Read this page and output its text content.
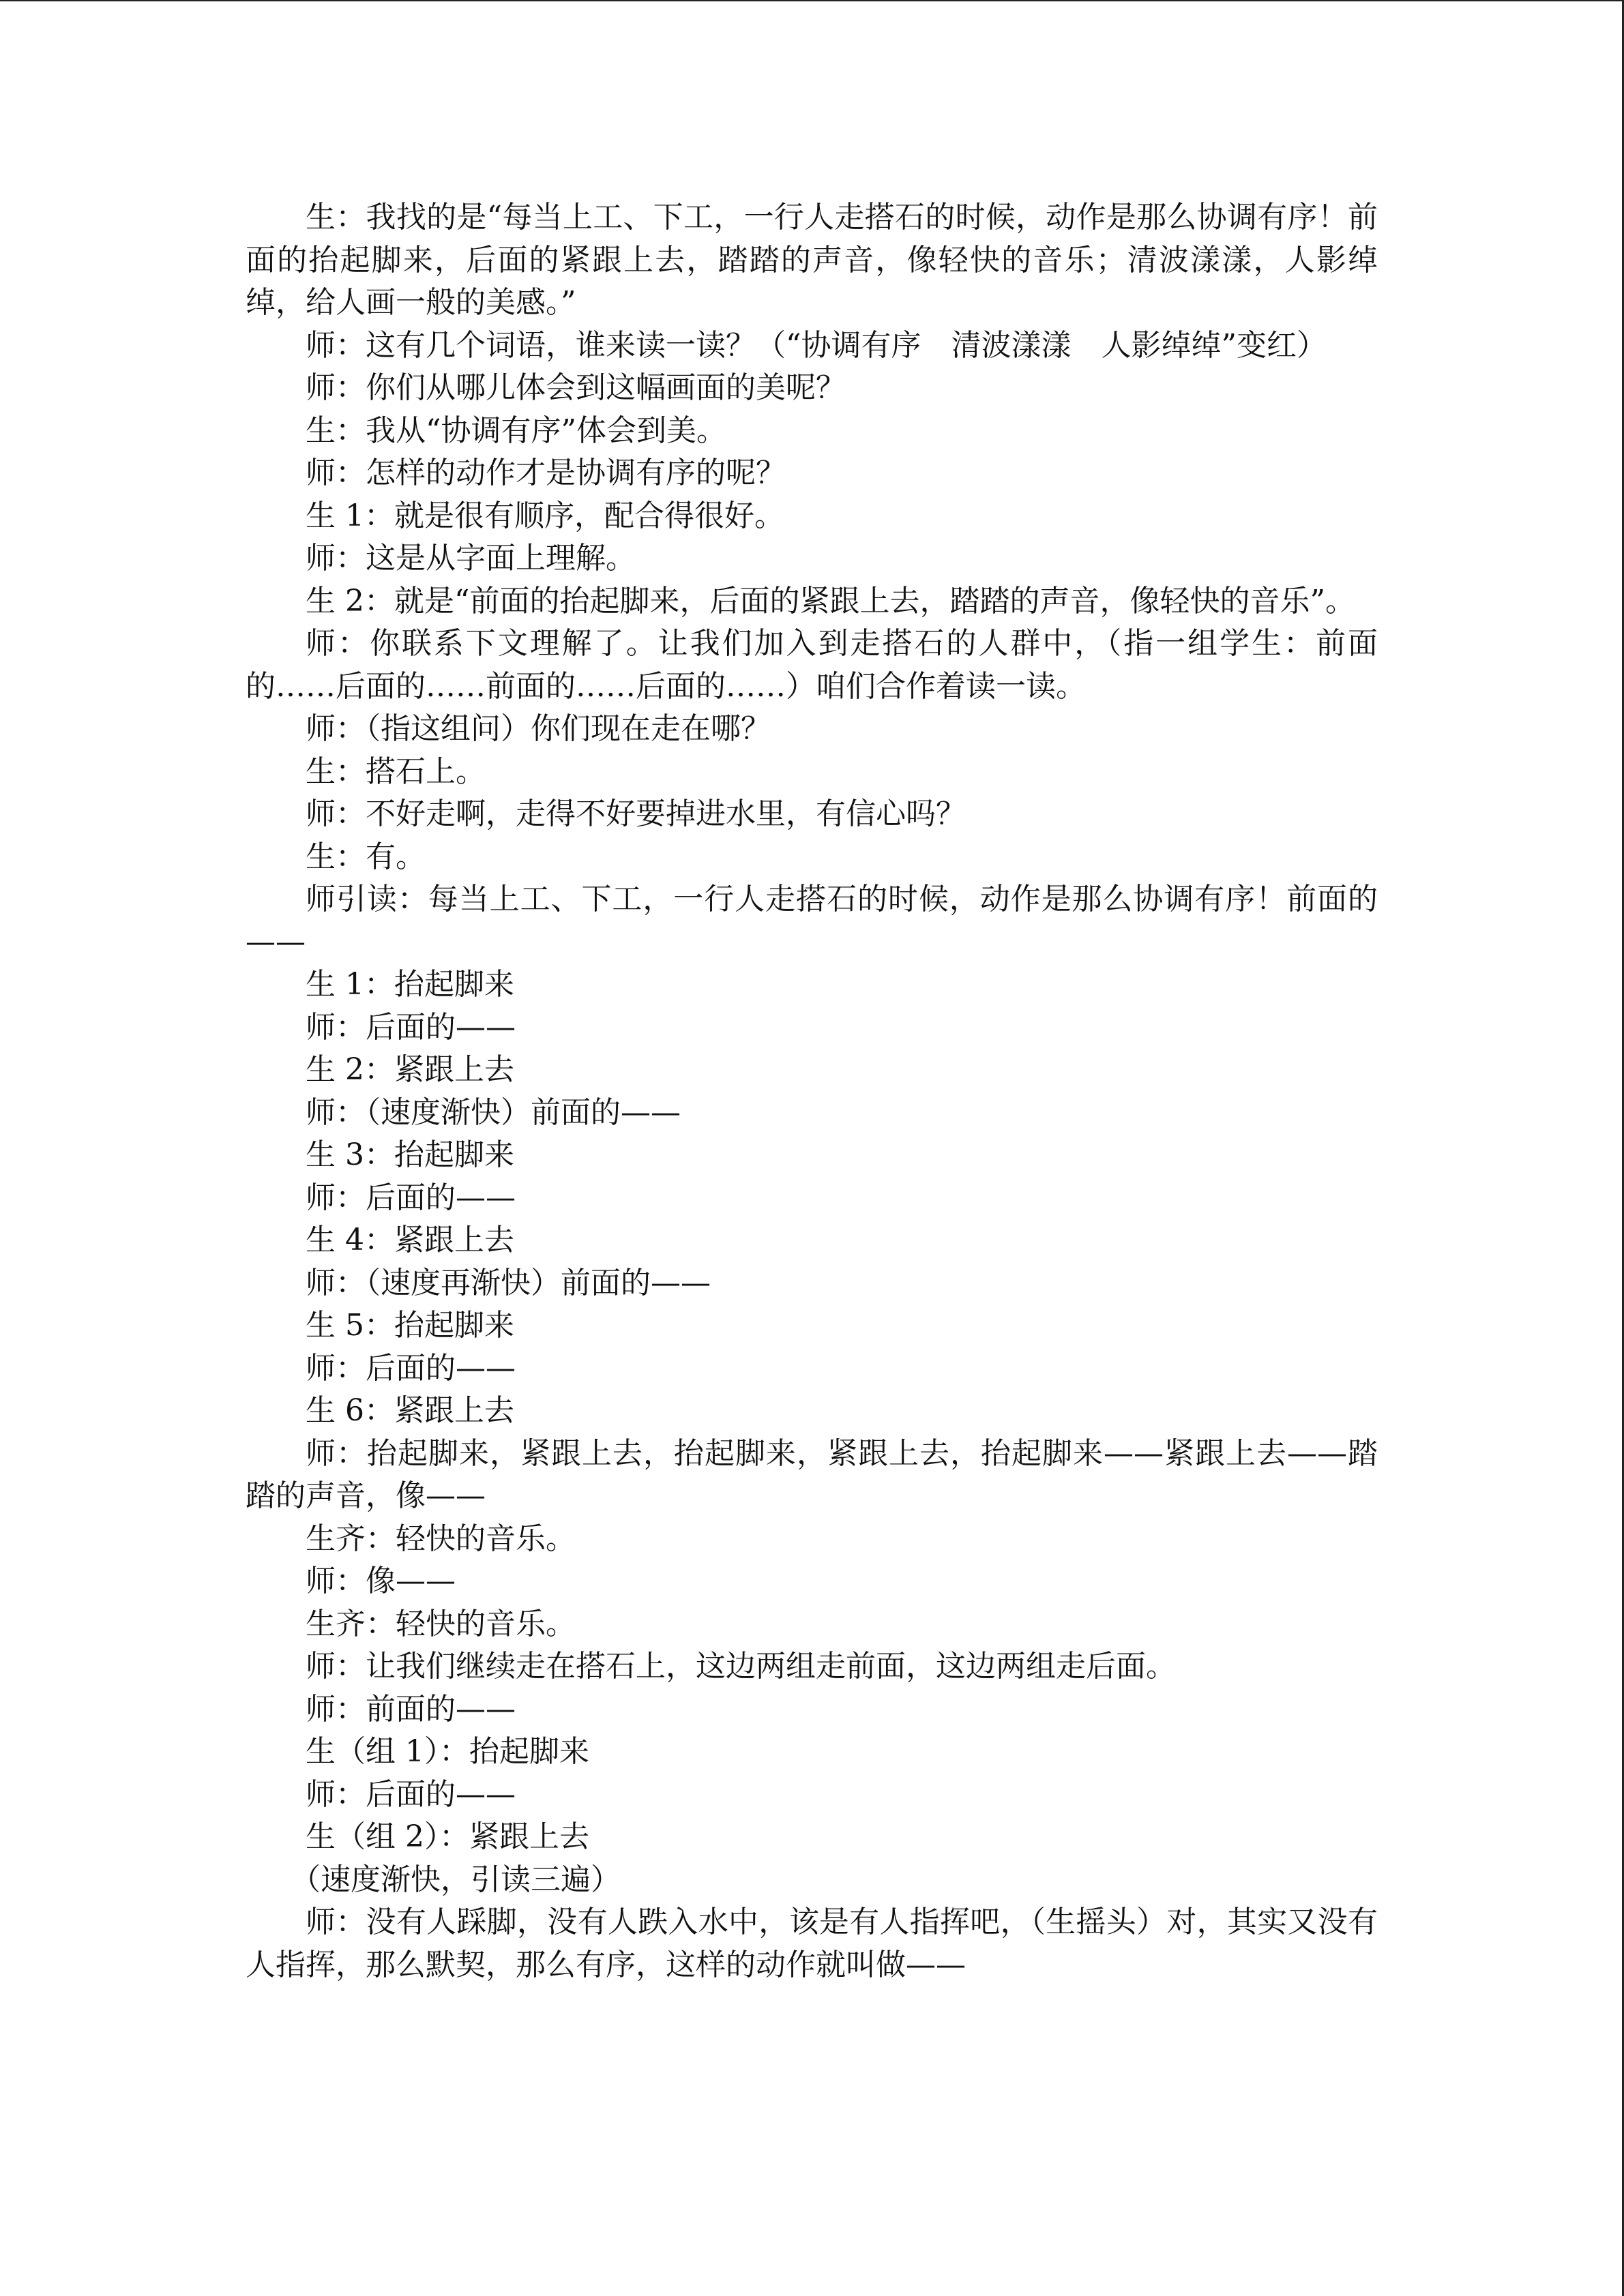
生：我找的是“每当上工、下工，一行人走搭石的时候，动作是那么协调有序！前面的抬起脚来，后面的紧跟上去，踏踏的声音，像轻快的音乐；清波漾漾，人影绰绰，给人画一般的美感。”

师：这有几个词语，谁来读一读？（“协调有序　清波漾漾　人影绰绰”变红）

师：你们从哪儿体会到这幅画面的美呢？

生：我从“协调有序”体会到美。

师：怎样的动作才是协调有序的呢？

生 1：就是很有顺序，配合得很好。

师：这是从字面上理解。

生 2：就是“前面的抬起脚来，后面的紧跟上去，踏踏的声音，像轻快的音乐”。

师：你联系下文理解了。让我们加入到走搭石的人群中，（指一组学生：前面的……后面的……前面的……后面的……）咱们合作着读一读。

师：（指这组问）你们现在走在哪？

生：搭石上。

师：不好走啊，走得不好要掉进水里，有信心吗？

生：有。

师引读：每当上工、下工，一行人走搭石的时候，动作是那么协调有序！前面的——

生 1：抬起脚来

师：后面的——

生 2：紧跟上去

师：（速度渐快）前面的——

生 3：抬起脚来

师：后面的——

生 4：紧跟上去

师：（速度再渐快）前面的——

生 5：抬起脚来

师：后面的——

生 6：紧跟上去

师：抬起脚来，紧跟上去，抬起脚来，紧跟上去，抬起脚来——紧跟上去——踏踏的声音，像——

生齐：轻快的音乐。

师：像——

生齐：轻快的音乐。

师：让我们继续走在搭石上，这边两组走前面，这边两组走后面。

师：前面的——

生（组 1）：抬起脚来

师：后面的——

生（组 2）：紧跟上去

（速度渐快，引读三遍）

师：没有人踩脚，没有人跌入水中，该是有人指挥吧，（生摇头）对，其实又没有人指挥，那么默契，那么有序，这样的动作就叫做——
